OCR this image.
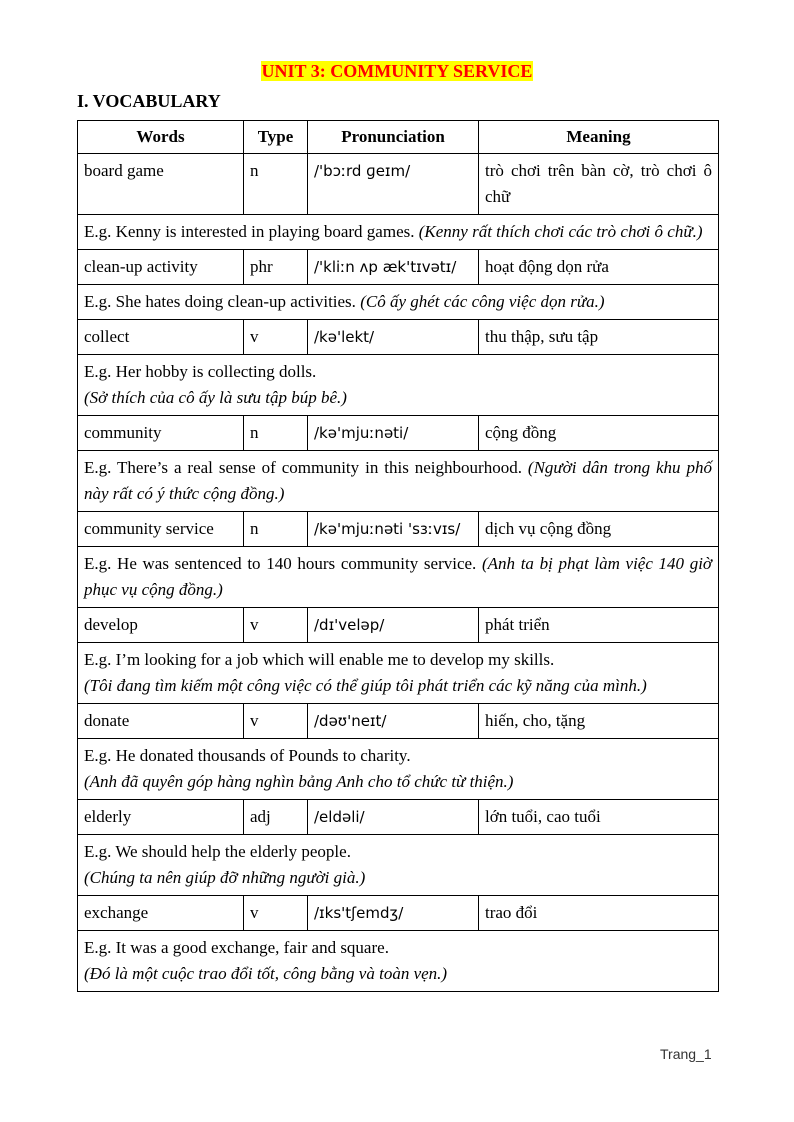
UNIT 3: COMMUNITY SERVICE
I. VOCABULARY
Words	Type	Pronunciation	Meaning
board game	n	/'bɔːrd ɡeɪm/	trò chơi trên bàn cờ, trò chơi ô chữ
E.g. Kenny is interested in playing board games. (Kenny rất thích chơi các trò chơi ô chữ.)			
clean-up activity	phr	/'kliːn ʌp æk'tɪvətɪ/	hoạt động dọn rửa
E.g. She hates doing clean-up activities. (Cô ấy ghét các công việc dọn rửa.)			
collect	v	/kə'lekt/	thu thập, sưu tập

E.g. Her hobby is collecting dolls.
(Sở thích của cô ấy là sưu tập búp bê.)			

community	n	/kə'mjuːnəti/	cộng đồng
E.g. There’s a real sense of community in this neighbourhood. (Người dân trong khu phố này rất có ý thức cộng đồng.)			
community service	n	/kə'mjuːnəti 'sɜːvɪs/	dịch vụ cộng đồng
E.g. He was sentenced to 140 hours community service. (Anh ta bị phạt làm việc 140 giờ phục vụ cộng đồng.)			
develop	v	/dɪ'veləp/	phát triển

E.g. I’m looking for a job which will enable me to develop my skills.
(Tôi đang tìm kiếm một công việc có thể giúp tôi phát triển các kỹ năng của mình.)			

donate	v	/dəʊ'neɪt/	hiến, cho, tặng

E.g. He donated thousands of Pounds to charity.
(Anh đã quyên góp hàng nghìn bảng Anh cho tổ chức từ thiện.)			

elderly	adj	/eldəli/	lớn tuổi, cao tuổi

E.g. We should help the elderly people.
(Chúng ta nên giúp đỡ những người già.)			

exchange	v	/ɪks'tʃemdʒ/	trao đổi

E.g. It was a good exchange, fair and square.
(Đó là một cuộc trao đổi tốt, công bằng và toàn vẹn.)			
Trang_1
